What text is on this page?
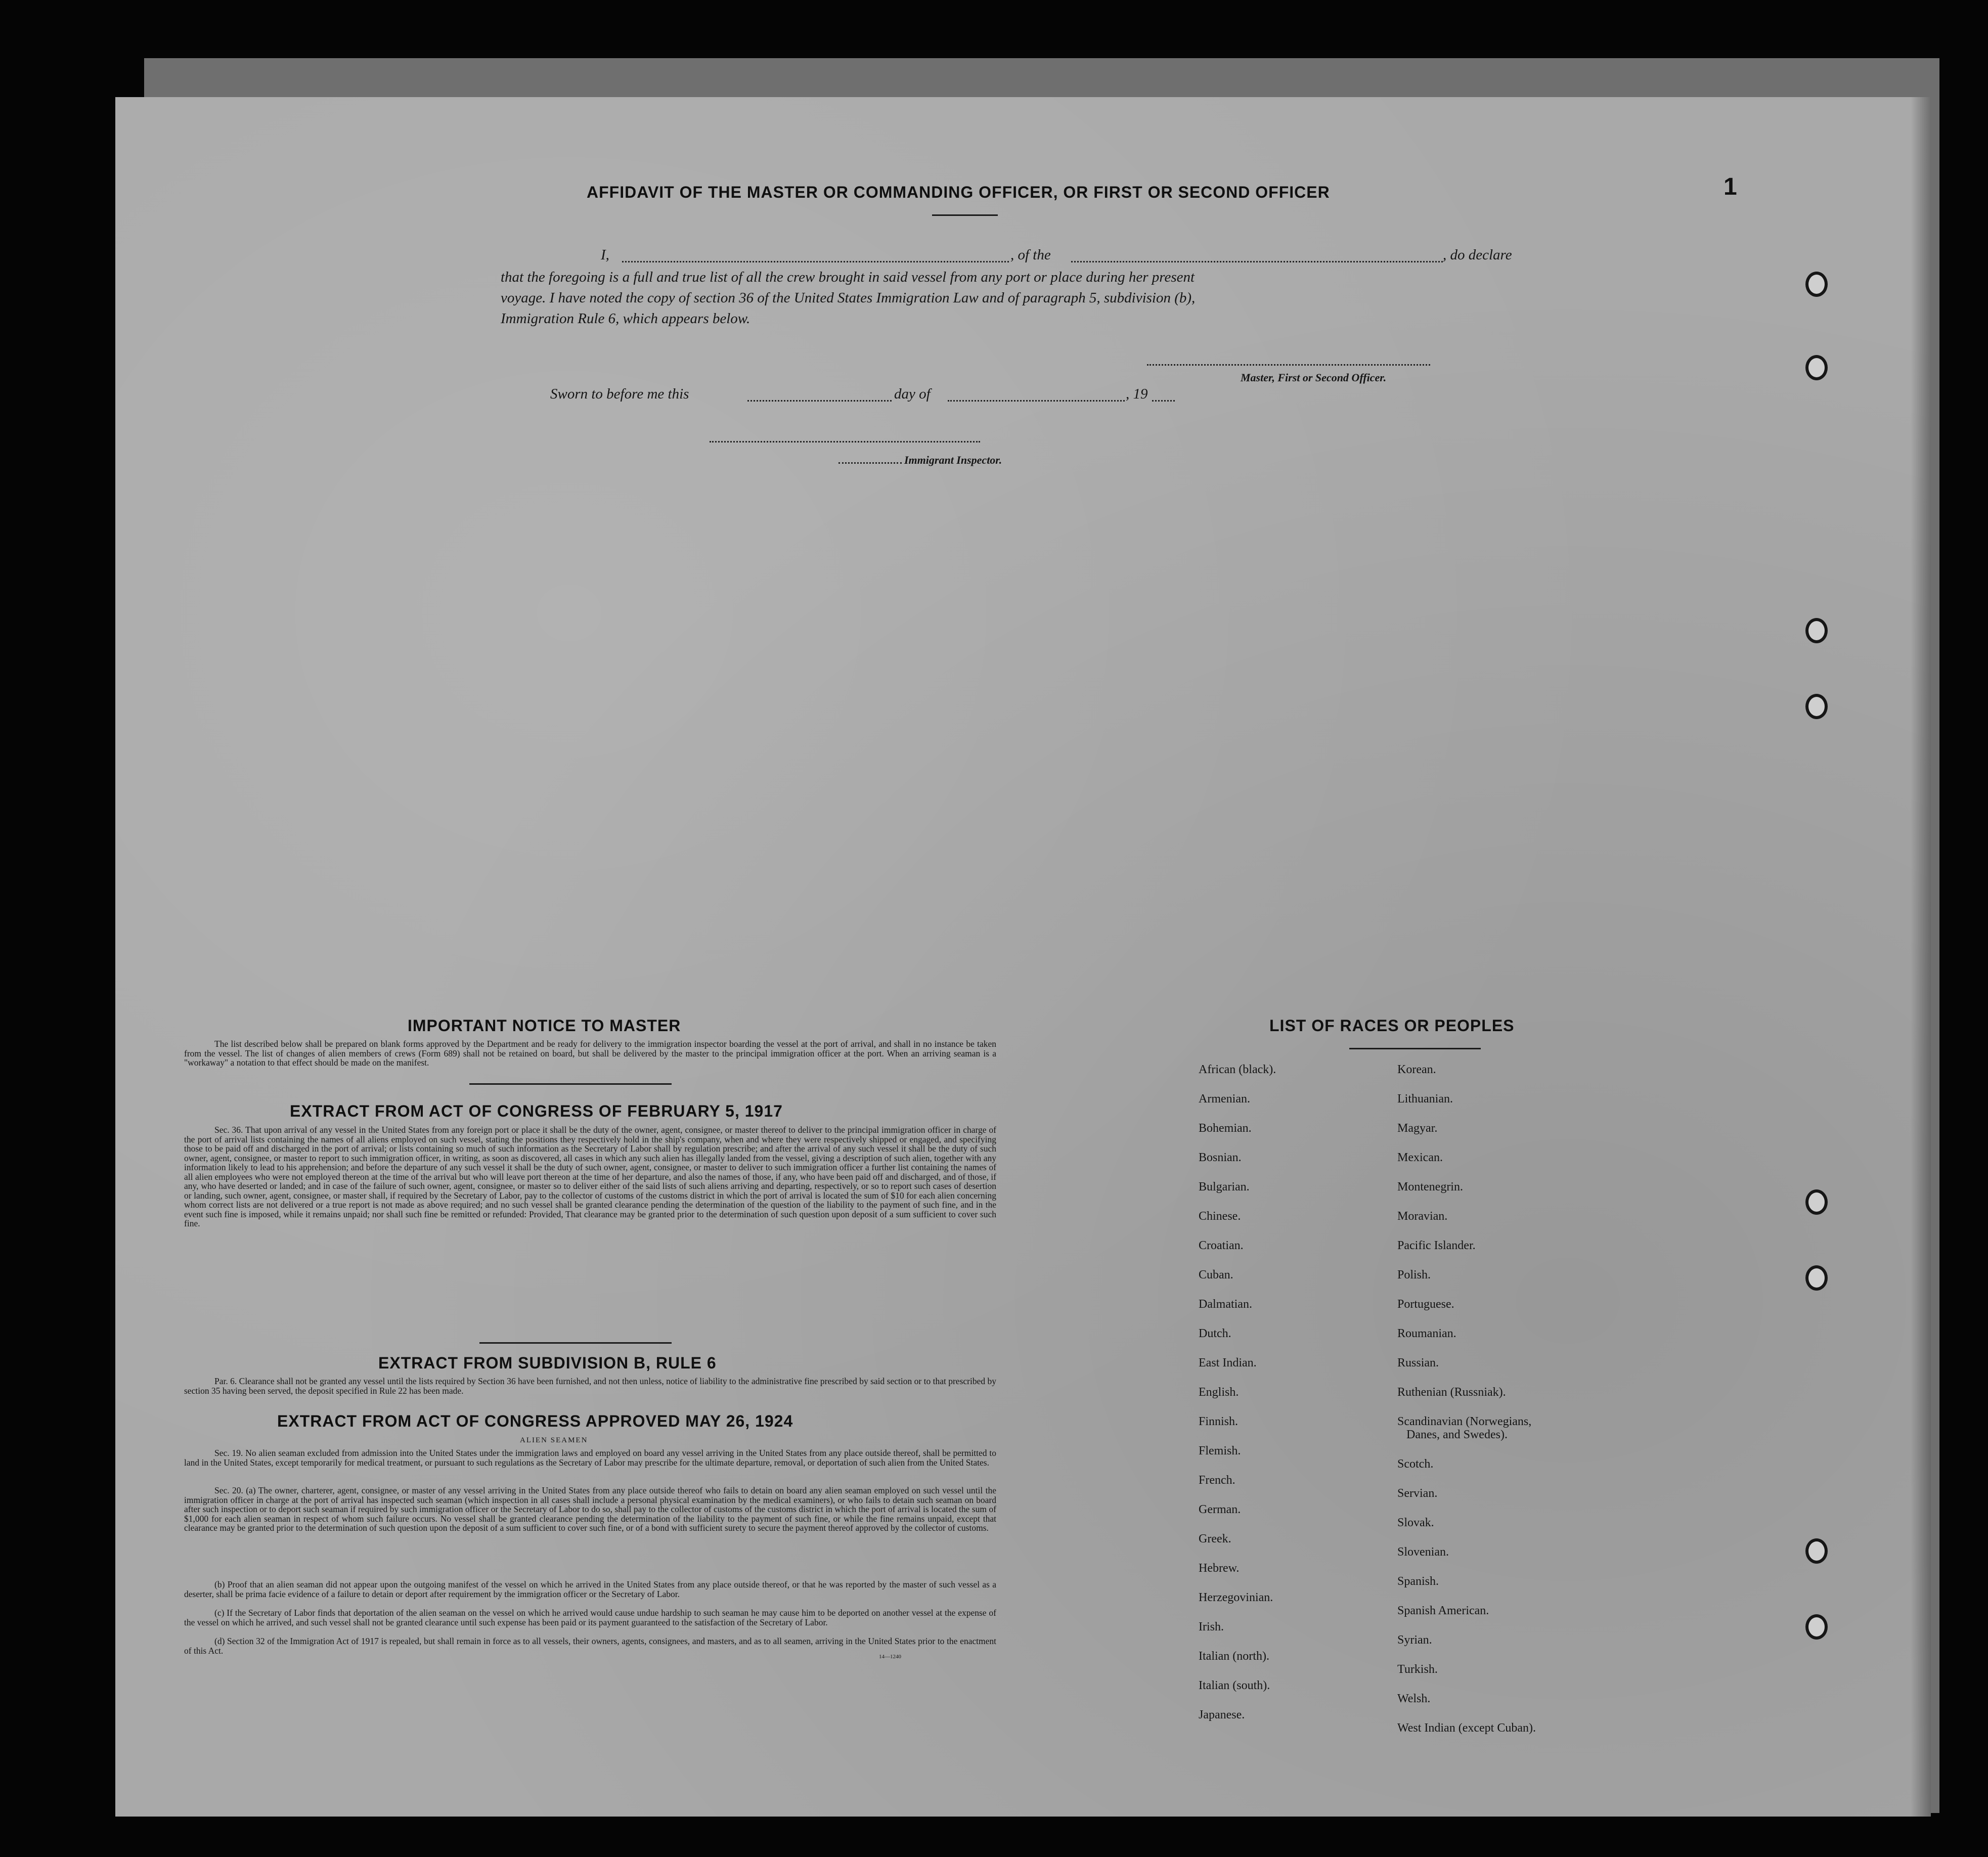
1
AFFIDAVIT OF THE MASTER OR COMMANDING OFFICER, OR FIRST OR SECOND OFFICER
I,	, of the	, do declare
that the foregoing is a full and true list of all the crew brought in said vessel from any port or place during her present
voyage. I have noted the copy of section 36 of the United States Immigration Law and of paragraph 5, subdivision (b),
Immigration Rule 6, which appears below.
Master, First or Second Officer.
Sworn to before me this	day of	, 19
Immigrant Inspector.
IMPORTANT NOTICE TO MASTER
The list described below shall be prepared on blank forms approved by the Department and be ready for delivery to the immigration inspector boarding the vessel at the port of arrival, and shall in no instance be taken from the vessel. The list of changes of alien members of crews (Form 689) shall not be retained on board, but shall be delivered by the master to the principal immigration officer at the port. When an arriving seaman is a "workaway" a notation to that effect should be made on the manifest.
EXTRACT FROM ACT OF CONGRESS OF FEBRUARY 5, 1917
Sec. 36. That upon arrival of any vessel in the United States from any foreign port or place it shall be the duty of the owner, agent, consignee, or master thereof to deliver to the principal immigration officer in charge of the port of arrival lists containing the names of all aliens employed on such vessel, stating the positions they respectively hold in the ship's company, when and where they were respectively shipped or engaged, and specifying those to be paid off and discharged in the port of arrival; or lists containing so much of such information as the Secretary of Labor shall by regulation prescribe; and after the arrival of any such vessel it shall be the duty of such owner, agent, consignee, or master to report to such immigration officer, in writing, as soon as discovered, all cases in which any such alien has illegally landed from the vessel, giving a description of such alien, together with any information likely to lead to his apprehension; and before the departure of any such vessel it shall be the duty of such owner, agent, consignee, or master to deliver to such immigration officer a further list containing the names of all alien employees who were not employed thereon at the time of the arrival but who will leave port thereon at the time of her departure, and also the names of those, if any, who have been paid off and discharged, and of those, if any, who have deserted or landed; and in case of the failure of such owner, agent, consignee, or master so to deliver either of the said lists of such aliens arriving and departing, respectively, or so to report such cases of desertion or landing, such owner, agent, consignee, or master shall, if required by the Secretary of Labor, pay to the collector of customs of the customs district in which the port of arrival is located the sum of $10 for each alien concerning whom correct lists are not delivered or a true report is not made as above required; and no such vessel shall be granted clearance pending the determination of the question of the liability to the payment of such fine, and in the event such fine is imposed, while it remains unpaid; nor shall such fine be remitted or refunded: Provided, That clearance may be granted prior to the determination of such question upon deposit of a sum sufficient to cover such fine.
EXTRACT FROM SUBDIVISION B, RULE 6
Par. 6. Clearance shall not be granted any vessel until the lists required by Section 36 have been furnished, and not then unless, notice of liability to the administrative fine prescribed by said section or to that prescribed by section 35 having been served, the deposit specified in Rule 22 has been made.
EXTRACT FROM ACT OF CONGRESS APPROVED MAY 26, 1924
ALIEN SEAMEN
Sec. 19. No alien seaman excluded from admission into the United States under the immigration laws and employed on board any vessel arriving in the United States from any place outside thereof, shall be permitted to land in the United States, except temporarily for medical treatment, or pursuant to such regulations as the Secretary of Labor may prescribe for the ultimate departure, removal, or deportation of such alien from the United States.
Sec. 20. (a) The owner, charterer, agent, consignee, or master of any vessel arriving in the United States from any place outside thereof who fails to detain on board any alien seaman employed on such vessel until the immigration officer in charge at the port of arrival has inspected such seaman (which inspection in all cases shall include a personal physical examination by the medical examiners), or who fails to detain such seaman on board after such inspection or to deport such seaman if required by such immigration officer or the Secretary of Labor to do so, shall pay to the collector of customs of the customs district in which the port of arrival is located the sum of $1,000 for each alien seaman in respect of whom such failure occurs. No vessel shall be granted clearance pending the determination of the liability to the payment of such fine, or while the fine remains unpaid, except that clearance may be granted prior to the determination of such question upon the deposit of a sum sufficient to cover such fine, or of a bond with sufficient surety to secure the payment thereof approved by the collector of customs.
(b) Proof that an alien seaman did not appear upon the outgoing manifest of the vessel on which he arrived in the United States from any place outside thereof, or that he was reported by the master of such vessel as a deserter, shall be prima facie evidence of a failure to detain or deport after requirement by the immigration officer or the Secretary of Labor.
(c) If the Secretary of Labor finds that deportation of the alien seaman on the vessel on which he arrived would cause undue hardship to such seaman he may cause him to be deported on another vessel at the expense of the vessel on which he arrived, and such vessel shall not be granted clearance until such expense has been paid or its payment guaranteed to the satisfaction of the Secretary of Labor.
(d) Section 32 of the Immigration Act of 1917 is repealed, but shall remain in force as to all vessels, their owners, agents, consignees, and masters, and as to all seamen, arriving in the United States prior to the enactment of this Act.
14—1240
LIST OF RACES OR PEOPLES
African (black).
Armenian.
Bohemian.
Bosnian.
Bulgarian.
Chinese.
Croatian.
Cuban.
Dalmatian.
Dutch.
East Indian.
English.
Finnish.
Flemish.
French.
German.
Greek.
Hebrew.
Herzegovinian.
Irish.
Italian (north).
Italian (south).
Japanese.
Korean.
Lithuanian.
Magyar.
Mexican.
Montenegrin.
Moravian.
Pacific Islander.
Polish.
Portuguese.
Roumanian.
Russian.
Ruthenian (Russniak).
Scandinavian (Norwegians,
Danes, and Swedes).
Scotch.
Servian.
Slovak.
Slovenian.
Spanish.
Spanish American.
Syrian.
Turkish.
Welsh.
West Indian (except Cuban).
